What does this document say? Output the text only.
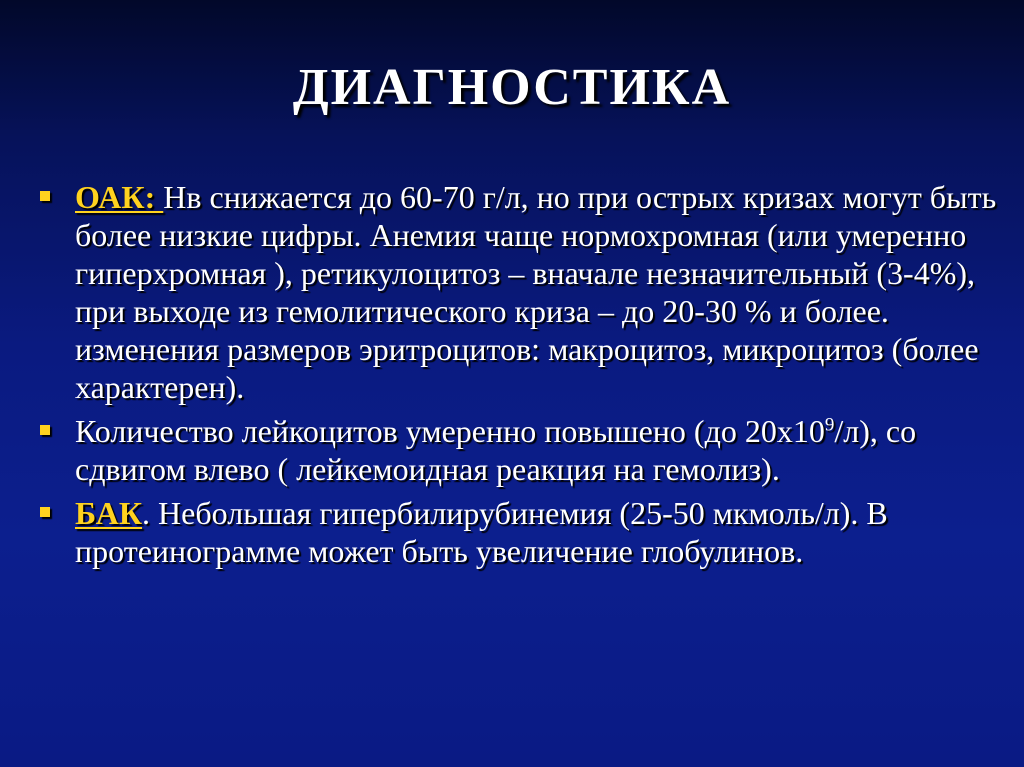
ДИАГНОСТИКА
ОАК: Нв снижается до 60-70 г/л, но при острых кризах могут быть более низкие цифры. Анемия чаще нормохромная (или умеренно гиперхромная ), ретикулоцитоз – вначале незначительный (3-4%), при выходе из гемолитического криза – до 20-30 % и более. изменения размеров эритроцитов: макроцитоз, микроцитоз (более характерен).
Количество лейкоцитов умеренно повышено (до $20х10^9/л$), со сдвигом влево ( лейкемоидная реакция на гемолиз).
БАК. Небольшая гипербилирубинемия (25-50 мкмоль/л). В протеинограмме может быть увеличение глобулинов.
